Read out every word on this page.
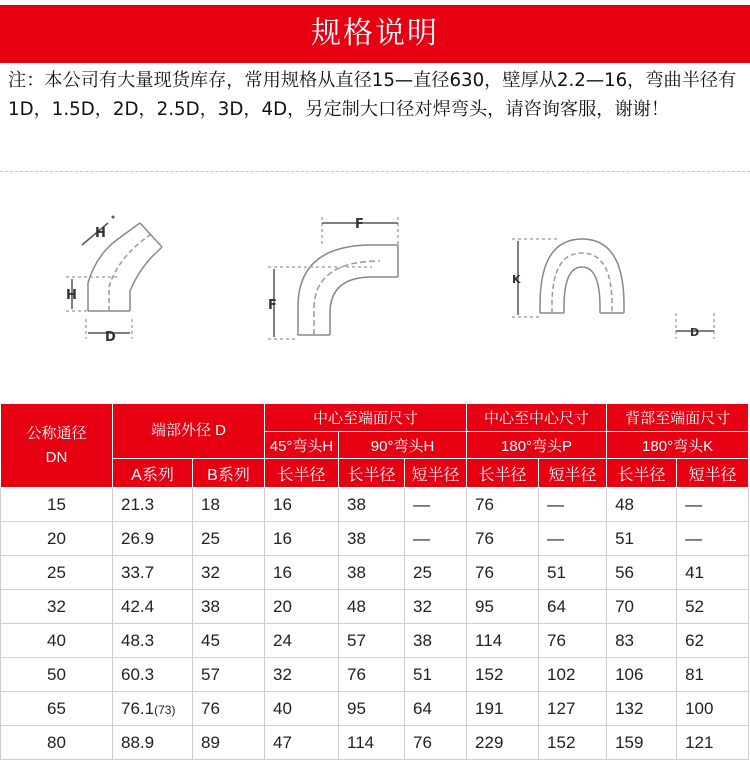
规格说明
注：本公司有大量现货库存，常用规格从直径15—直径630，壁厚从2.2—16，弯曲半径有1D，1.5D，2D，2.5D，3D，4D，另定制大口径对焊弯头，请咨询客服，谢谢！
H
H
D
F
F
K
D
公称通径
DN	端部外径 D		中心至端面尺寸			中心至中心尺寸		背部至端面尺寸	
			45°弯头H	90°弯头H		180°弯头P		180°弯头K	
	A系列	B系列	长半径	长半径	短半径	长半径	短半径	长半径	短半径
15	21.3	18	16	38	—	76	—	48	—
20	26.9	25	16	38	—	76	—	51	—
25	33.7	32	16	38	25	76	51	56	41
32	42.4	38	20	48	32	95	64	70	52
40	48.3	45	24	57	38	114	76	83	62
50	60.3	57	32	76	51	152	102	106	81
65	76.1(73)	76	40	95	64	191	127	132	100
80	88.9	89	47	114	76	229	152	159	121
